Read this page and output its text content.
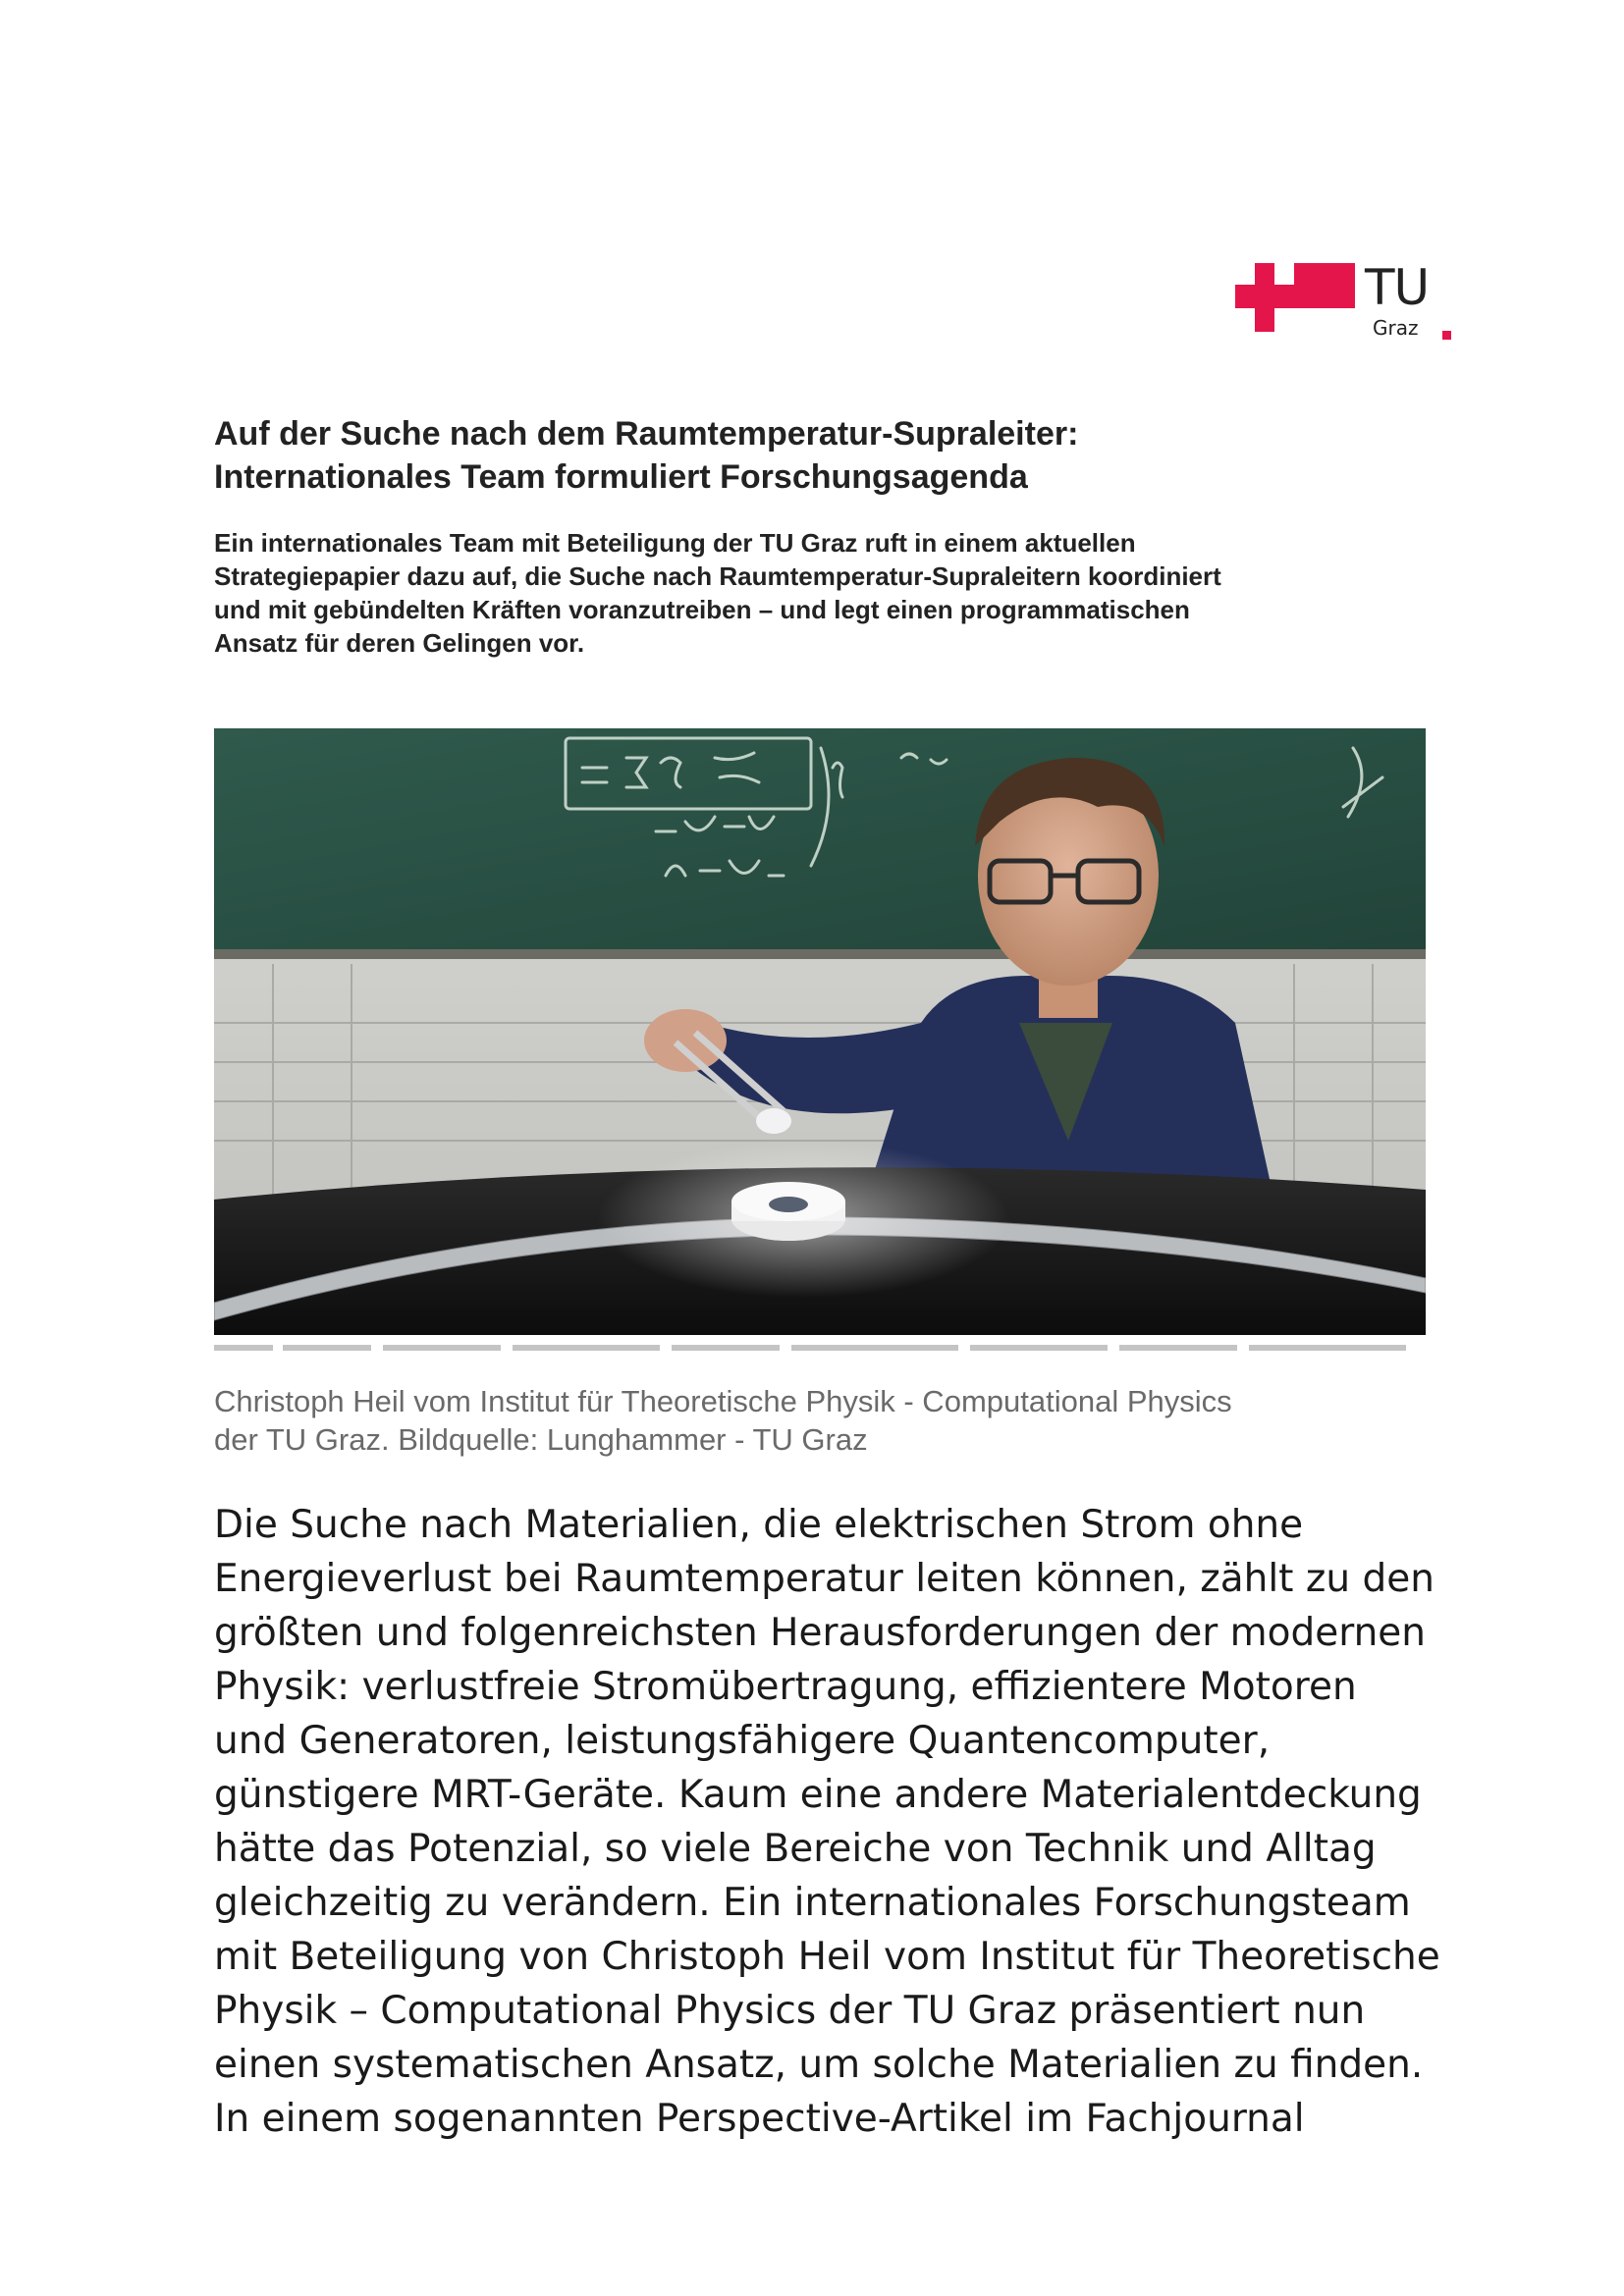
TU
Graz
Auf der Suche nach dem Raumtemperatur-Supraleiter:
Internationales Team formuliert Forschungsagenda

Ein internationales Team mit Beteiligung der TU Graz ruft in einem aktuellen
Strategiepapier dazu auf, die Suche nach Raumtemperatur-Supraleitern koordiniert
und mit gebündelten Kräften voranzutreiben – und legt einen programmatischen
Ansatz für deren Gelingen vor.

Christoph Heil vom Institut für Theoretische Physik - Computational Physics
der TU Graz. Bildquelle: Lunghammer - TU Graz

Die Suche nach Materialien, die elektrischen Strom ohne
Energieverlust bei Raumtemperatur leiten können, zählt zu den
größten und folgenreichsten Herausforderungen der modernen
Physik: verlustfreie Stromübertragung, effizientere Motoren
und Generatoren, leistungsfähigere Quantencomputer,
günstigere MRT-Geräte. Kaum eine andere Materialentdeckung
hätte das Potenzial, so viele Bereiche von Technik und Alltag
gleichzeitig zu verändern. Ein internationales Forschungsteam
mit Beteiligung von Christoph Heil vom Institut für Theoretische
Physik – Computational Physics der TU Graz präsentiert nun
einen systematischen Ansatz, um solche Materialien zu finden.
In einem sogenannten Perspective-Artikel im Fachjournal
